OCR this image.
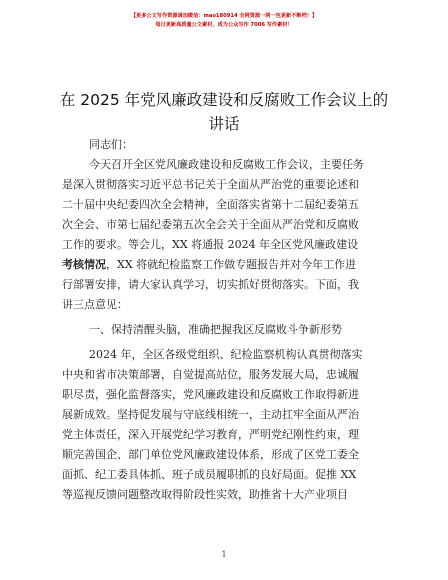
【更多公文写作资源请加微信：mao180914 全网资源一网一包更新不断档！】
每日更新高质量公文素材，成为公众写作 7006 写作素材！
在 2025 年党风廉政建设和反腐败工作会议上的
讲话
同志们：
今天召开全区党风廉政建设和反腐败工作会议，主要任务
是深入贯彻落实习近平总书记关于全面从严治党的重要论述和
二十届中央纪委四次全会精神，全面落实省第十二届纪委第五
次全会、市第七届纪委第五次全会关于全面从严治党和反腐败
工作的要求。等会儿，XX 将通报 2024 年全区党风廉政建设
考核情况，XX 将就纪检监察工作做专题报告并对今年工作进
行部署安排，请大家认真学习，切实抓好贯彻落实。下面，我
讲三点意见：
一、保持清醒头脑，准确把握我区反腐败斗争新形势
2024 年，全区各级党组织、纪检监察机构认真贯彻落实
中央和省市决策部署，自觉提高站位，服务发展大局，忠诚履
职尽责，强化监督落实，党风廉政建设和反腐败工作取得新进
展新成效。坚持促发展与守底线相统一，主动扛牢全面从严治
党主体责任，深入开展党纪学习教育，严明党纪刚性约束，理
顺完善国企、部门单位党风廉政建设体系，形成了区党工委全
面抓、纪工委具体抓、班子成员履职抓的良好局面。促推 XX
等巡视反馈问题整改取得阶段性实效，助推省十大产业项目
1
